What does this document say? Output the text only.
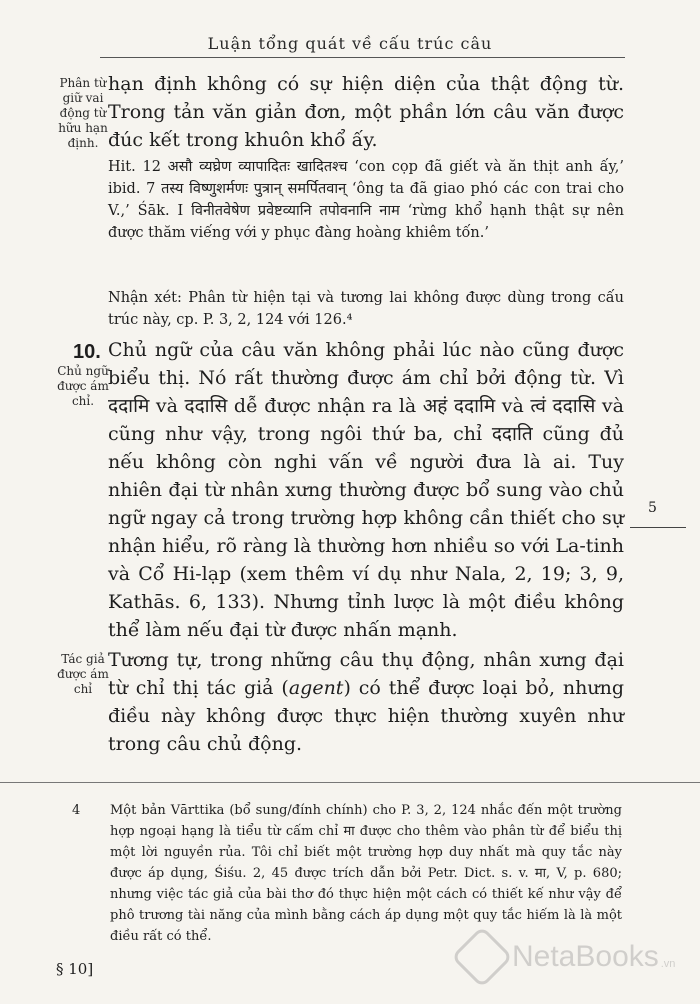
Luận tổng quát về cấu trúc câu
Phân từ giữ vai động từ hữu hạn định.
hạn định không có sự hiện diện của thật động từ. Trong tản văn giản đơn, một phần lớn câu văn được đúc kết trong khuôn khổ ấy.
Hit. 12 असौ व्यघ्रेण व्यापादितः खादितश्च ‘con cọp đã giết và ăn thịt anh ấy,’ ibid. 7 तस्य विष्णुशर्मणः पुत्रान् समर्पितवान् ‘ông ta đã giao phó các con trai cho V.,’ Śāk. I विनीतवेषेण प्रवेष्टव्यानि तपोवनानि नाम ‘rừng khổ hạnh thật sự nên được thăm viếng với y phục đàng hoàng khiêm tốn.’
Nhận xét: Phân từ hiện tại và tương lai không được dùng trong cấu trúc này, cp. P. 3, 2, 124 với 126.⁴
10.
Chủ ngữ được ám chỉ.
Chủ ngữ của câu văn không phải lúc nào cũng được biểu thị. Nó rất thường được ám chỉ bởi động từ. Vì ददामि và ददासि dễ được nhận ra là अहं ददामि và त्वं ददासि và cũng như vậy, trong ngôi thứ ba, chỉ ददाति cũng đủ nếu không còn nghi vấn về người đưa là ai. Tuy nhiên đại từ nhân xưng thường được bổ sung vào chủ ngữ ngay cả trong trường hợp không cần thiết cho sự nhận hiểu, rõ ràng là thường hơn nhiều so với La-tinh và Cổ Hi-lạp (xem thêm ví dụ như Nala, 2, 19; 3, 9, Kathās. 6, 133). Nhưng tỉnh lược là một điều không thể làm nếu đại từ được nhấn mạnh.
Tác giả được ám chỉ
Tương tự, trong những câu thụ động, nhân xưng đại từ chỉ thị tác giả (agent) có thể được loại bỏ, nhưng điều này không được thực hiện thường xuyên như trong câu chủ động.
5
4 Một bản Vārttika (bổ sung/đính chính) cho P. 3, 2, 124 nhắc đến một trường hợp ngoại hạng là tiểu từ cấm chỉ मा được cho thêm vào phân từ để biểu thị một lời nguyền rủa. Tôi chỉ biết một trường hợp duy nhất mà quy tắc này được áp dụng, Śiśu. 2, 45 được trích dẫn bởi Petr. Dict. s. v. मा, V, p. 680; nhưng việc tác giả của bài thơ đó thực hiện một cách có thiết kế như vậy để phô trương tài năng của mình bằng cách áp dụng một quy tắc hiếm là là một điều rất có thể.
§ 10]	NetaBooks .vn
